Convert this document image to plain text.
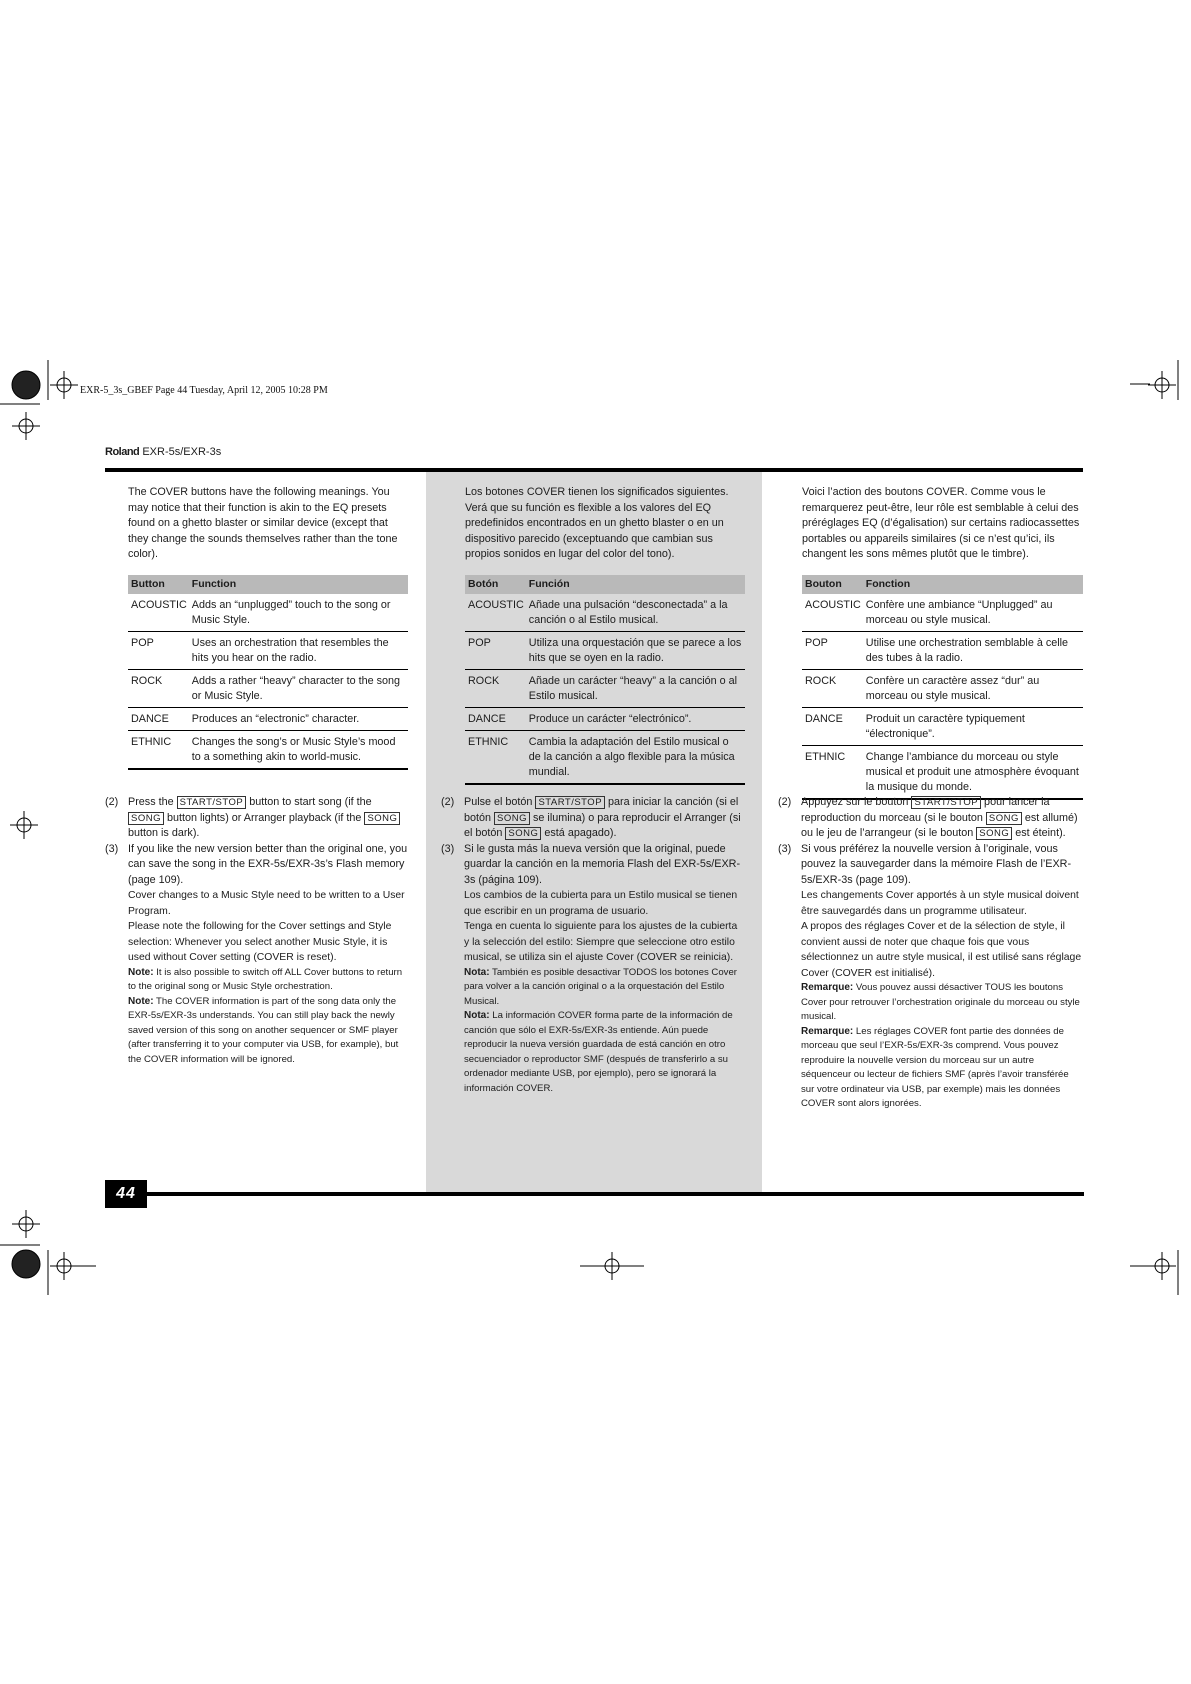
EXR-5_3s_GBEF Page 44 Tuesday, April 12, 2005 10:28 PM
Roland EXR-5s/EXR-3s

The COVER buttons have the following meanings. You may notice that their function is akin to the EQ presets found on a ghetto blaster or similar device (except that they change the sounds themselves rather than the tone color).

Button	Function
ACOUSTIC	Adds an “unplugged” touch to the song or Music Style.
POP	Uses an orchestration that resembles the hits you hear on the radio.
ROCK	Adds a rather “heavy” character to the song or Music Style.
DANCE	Produces an “electronic” character.
ETHNIC	Changes the song’s or Music Style’s mood to a something akin to world-music.
(2) Press the START/STOP button to start song (if the SONG button lights) or Arranger playback (if the SONG button is dark).
(3) If you like the new version better than the original one, you can save the song in the EXR-5s/EXR-3s’s Flash memory (page 109).
Cover changes to a Music Style need to be written to a User Program.
Please note the following for the Cover settings and Style selection: Whenever you select another Music Style, it is used without Cover setting (COVER is reset).
Note: It is also possible to switch off ALL Cover buttons to return to the original song or Music Style orchestration.
Note: The COVER information is part of the song data only the EXR-5s/EXR-3s understands. You can still play back the newly saved version of this song on another sequencer or SMF player (after transferring it to your computer via USB, for example), but the COVER information will be ignored.

Los botones COVER tienen los significados siguientes. Verá que su función es flexible a los valores del EQ predefinidos encontrados en un ghetto blaster o en un dispositivo parecido (exceptuando que cambian sus propios sonidos en lugar del color del tono).

Botón	Función
ACOUSTIC	Añade una pulsación “desconectada” a la canción o al Estilo musical.
POP	Utiliza una orquestación que se parece a los hits que se oyen en la radio.
ROCK	Añade un carácter “heavy” a la canción o al Estilo musical.
DANCE	Produce un carácter “electrónico”.
ETHNIC	Cambia la adaptación del Estilo musical o de la canción a algo flexible para la música mundial.
(2) Pulse el botón START/STOP para iniciar la canción (si el botón SONG se ilumina) o para reproducir el Arranger (si el botón SONG está apagado).
(3) Si le gusta más la nueva versión que la original, puede guardar la canción en la memoria Flash del EXR-5s/EXR-3s (página 109).
Los cambios de la cubierta para un Estilo musical se tienen que escribir en un programa de usuario.
Tenga en cuenta lo siguiente para los ajustes de la cubierta y la selección del estilo: Siempre que seleccione otro estilo musical, se utiliza sin el ajuste Cover (COVER se reinicia).
Nota: También es posible desactivar TODOS los botones Cover para volver a la canción original o a la orquestación del Estilo Musical.
Nota: La información COVER forma parte de la información de canción que sólo el EXR-5s/EXR-3s entiende. Aún puede reproducir la nueva versión guardada de está canción en otro secuenciador o reproductor SMF (después de transferirlo a su ordenador mediante USB, por ejemplo), pero se ignorará la información COVER.

Voici l’action des boutons COVER. Comme vous le remarquerez peut-être, leur rôle est semblable à celui des préréglages EQ (d’égalisation) sur certains radiocassettes portables ou appareils similaires (si ce n’est qu’ici, ils changent les sons mêmes plutôt que le timbre).

Bouton	Fonction
ACOUSTIC	Confère une ambiance “Unplugged” au morceau ou style musical.
POP	Utilise une orchestration semblable à celle des tubes à la radio.
ROCK	Confère un caractère assez “dur” au morceau ou style musical.
DANCE	Produit un caractère typiquement “électronique”.
ETHNIC	Change l’ambiance du morceau ou style musical et produit une atmosphère évoquant la musique du monde.
(2) Appuyez sur le bouton START/STOP pour lancer la reproduction du morceau (si le bouton SONG est allumé) ou le jeu de l’arrangeur (si le bouton SONG est éteint).
(3) Si vous préférez la nouvelle version à l’originale, vous pouvez la sauvegarder dans la mémoire Flash de l’EXR-5s/EXR-3s (page 109).
Les changements Cover apportés à un style musical doivent être sauvegardés dans un programme utilisateur.
A propos des réglages Cover et de la sélection de style, il convient aussi de noter que chaque fois que vous sélectionnez un autre style musical, il est utilisé sans réglage Cover (COVER est initialisé).
Remarque: Vous pouvez aussi désactiver TOUS les boutons Cover pour retrouver l’orchestration originale du morceau ou style musical.
Remarque: Les réglages COVER font partie des données de morceau que seul l’EXR-5s/EXR-3s comprend. Vous pouvez reproduire la nouvelle version du morceau sur un autre séquenceur ou lecteur de fichiers SMF (après l’avoir transférée sur votre ordinateur via USB, par exemple) mais les données COVER sont alors ignorées.
44
